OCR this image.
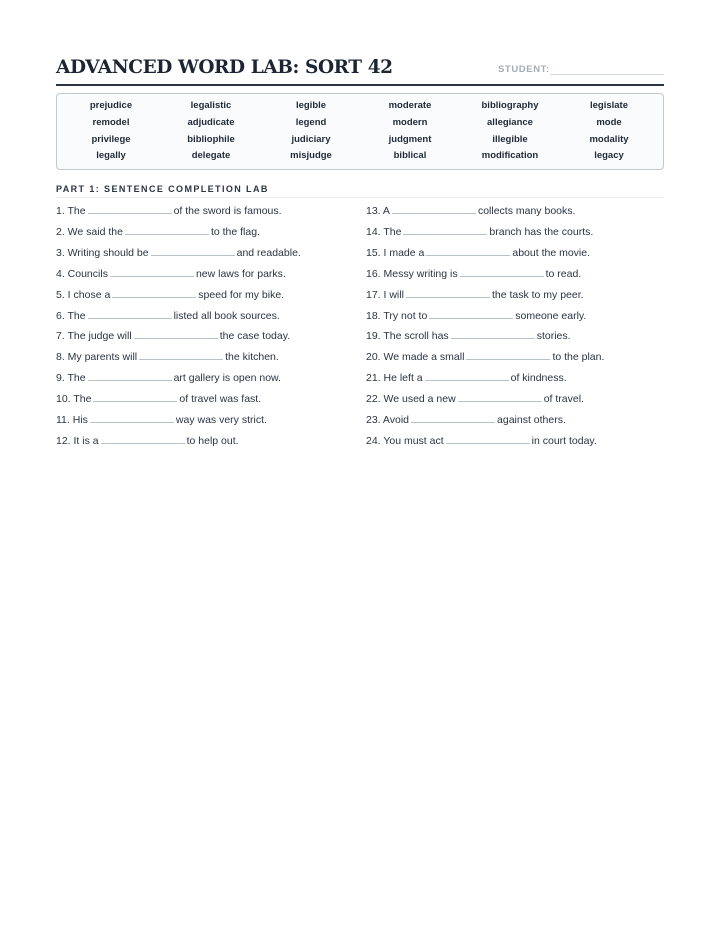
ADVANCED WORD LAB: SORT 42	STUDENT:
prejudice	legalistic	legible	moderate	bibliography	legislate
remodel	adjudicate	legend	modern	allegiance	mode
privilege	bibliophile	judiciary	judgment	illegible	modality
legally	delegate	misjudge	biblical	modification	legacy
PART 1: SENTENCE COMPLETION LAB
1. The	of the sword is famous.
2. We said the	to the flag.
3. Writing should be	and readable.
4. Councils	new laws for parks.
5. I chose a	speed for my bike.
6. The	listed all book sources.
7. The judge will	the case today.
8. My parents will	the kitchen.
9. The	art gallery is open now.
10. The	of travel was fast.
11. His	way was very strict.
12. It is a	to help out.
13. A	collects many books.
14. The	branch has the courts.
15. I made a	about the movie.
16. Messy writing is	to read.
17. I will	the task to my peer.
18. Try not to	someone early.
19. The scroll has	stories.
20. We made a small	to the plan.
21. He left a	of kindness.
22. We used a new	of travel.
23. Avoid	against others.
24. You must act	in court today.
